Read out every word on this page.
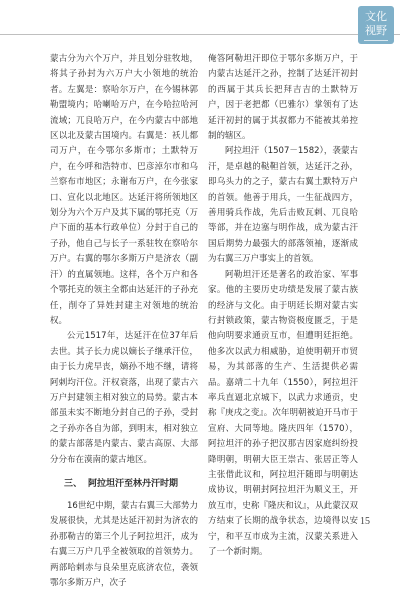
文化
视野

蒙古分为六个万户，并且划分驻牧地，将其子孙封为六万户大小领地的统治者。左翼是：察哈尔万户，在今锡林郭勒盟境内；哈喇哈万户，在今哈拉哈河流域；兀良哈万户，在今内蒙古中部地区以北及蒙古国境内。右翼是：袄儿都司万户，在今鄂尔多斯市；土默特万户，在今呼和浩特市、巴彦淖尔市和乌兰察布市地区；永谢布万户，在今张家口、宣化以北地区。达延汗将所领地区划分为六个万户及其下属的鄂托克（万户下面的基本行政单位）分封于自己的子孙，他自己与长子一系驻牧在察哈尔万户。右翼的鄂尔多斯万户是济农（副汗）的直属领地。这样，各个万户和各个鄂托克的领主全都由达延汗的子孙充任，削夺了异姓封建主对领地的统治权。

公元1517年，达延汗在位37年后去世。其子长力虎以嫡长子继承汗位，由于长力虎早丧，嫡孙不地不继，请将阿剌均汗位。汗权衰落，出现了蒙古六万户封建领主相对独立的局势。蒙古本部虽未实不断地分封自己的子孙，受封之子孙亦各自为部，到明末，相对独立的蒙古部落是内蒙古、蒙古高原、大部分分布在漠南的蒙古地区。

三、 阿拉坦汗至林丹汗时期

16世纪中期，蒙古右翼三大部势力发展很快，尤其是达延汗初封为济农的孙那勒吉的第三个儿子阿拉坦汗，成为右翼三万户几乎全被领取的首领势力。两部哈剌赤与良朵里克底济农位，袭领鄂尔多斯万户，次子

俺答阿勒坦汗即位于鄂尔多斯万户，于内蒙古达延汗之孙，控制了达延汗初封的西属于其兵长把拜吉吉的土默特万户，因于老把都（巴雅尔）掌领有了达延汗初封的属于其叔都力不能被其弟控制的辖区。

阿拉坦汗（1507－1582），袭蒙古汗，是卓越的鞑靼首领，达延汗之孙，即乌头力的之子，蒙古右翼土默特万户的首领。他善于用兵，一生征战四方，善用骑兵作战，先后击败瓦剌、兀良哈等部，并在边塞与明作战，成为蒙古汗国后期势力最强大的部落领袖，逐渐成为右翼三万户事实上的首领。

阿勒坦汗还是著名的政治家、军事家。他的主要历史功绩是发展了蒙古族的经济与文化。由于明廷长期对蒙古实行封锁政策，蒙古物资极度匮乏，于是他向明要求通贡互市，但遭明廷拒绝。他多次以武力相威胁，迫使明朝开市贸易，为其部落的生产、生活提供必需品。嘉靖二十九年（1550），阿拉坦汗率兵直逼北京城下，以武力求通贡，史称『庚戌之变』。次年明朝被迫开马市于宣府、大同等地。隆庆四年（1570），阿拉坦汗的孙子把汉那吉因家庭纠纷投降明朝，明朝大臣王崇古、张居正等人主张借此议和，阿拉坦汗随即与明朝达成协议，明朝封阿拉坦汗为顺义王，开放互市，史称『隆庆和议』，从此蒙汉双方结束了长期的战争状态，边境得以安宁，和平互市成为主流，汉蒙关系进入了一个新时期。

15
